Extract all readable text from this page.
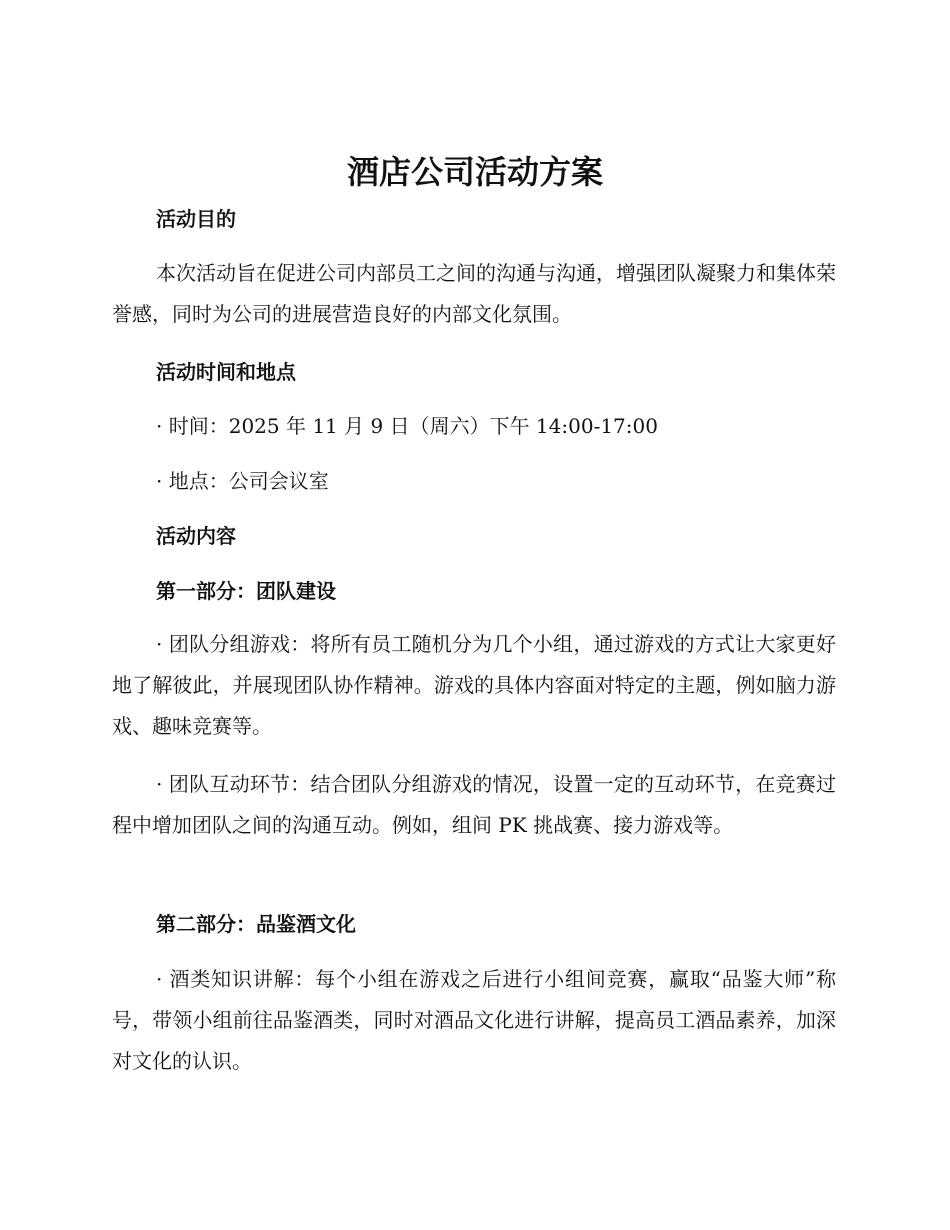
酒店公司活动方案
活动目的

本次活动旨在促进公司内部员工之间的沟通与沟通，增强团队凝聚力和集体荣誉感，同时为公司的进展营造良好的内部文化氛围。

活动时间和地点

· 时间：2025 年 11 月 9 日（周六）下午 14:00-17:00

· 地点：公司会议室

活动内容
第一部分：团队建设

· 团队分组游戏：将所有员工随机分为几个小组，通过游戏的方式让大家更好地了解彼此，并展现团队协作精神。游戏的具体内容面对特定的主题，例如脑力游戏、趣味竞赛等。

· 团队互动环节：结合团队分组游戏的情况，设置一定的互动环节，在竞赛过程中增加团队之间的沟通互动。例如，组间 PK 挑战赛、接力游戏等。

第二部分：品鉴酒文化

· 酒类知识讲解：每个小组在游戏之后进行小组间竞赛，赢取“品鉴大师”称号，带领小组前往品鉴酒类，同时对酒品文化进行讲解，提高员工酒品素养，加深对文化的认识。
